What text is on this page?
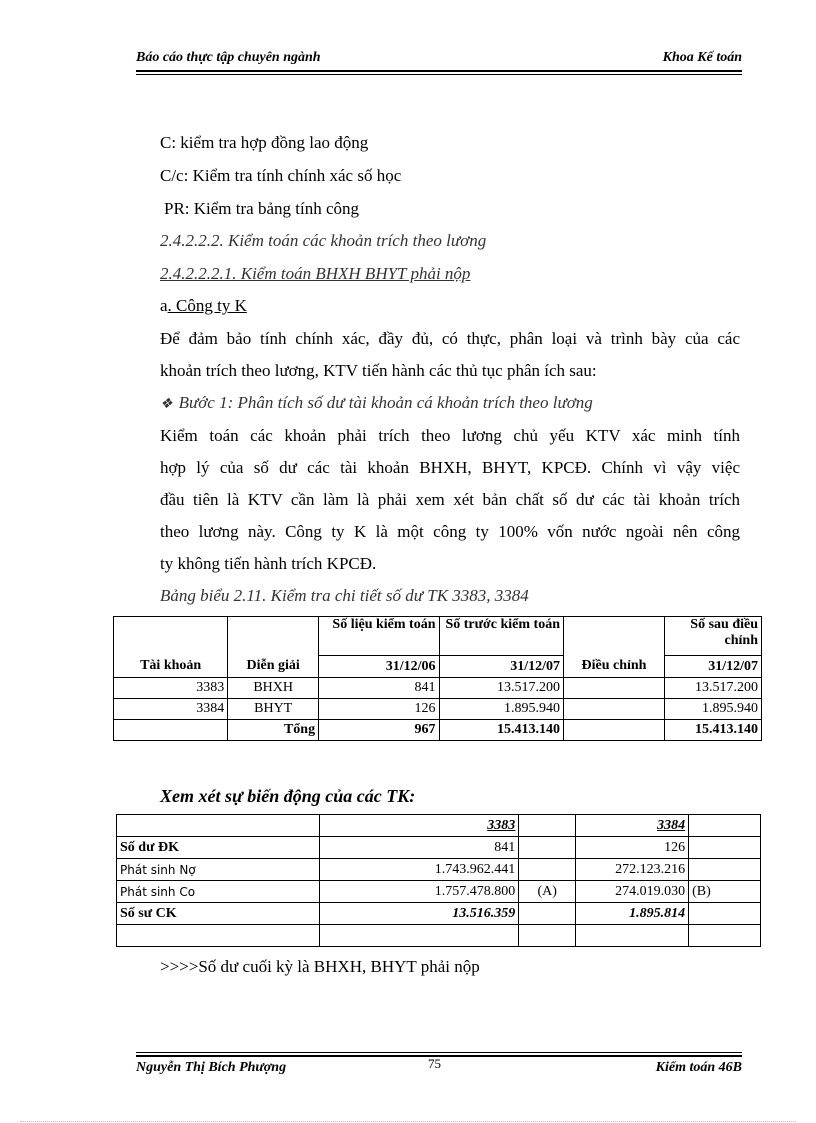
Báo cáo thực tập chuyên ngành	Khoa Kế toán
C: kiểm tra hợp đồng lao động
C/c: Kiểm tra tính chính xác số học
PR: Kiểm tra bảng tính công
2.4.2.2.2. Kiểm toán các khoản trích theo lương
2.4.2.2.2.1. Kiểm toán BHXH BHYT phải nộp
a. Công ty K
Để đảm bảo tính chính xác, đầy đủ, có thực, phân loại và trình bày của các
khoản trích theo lương, KTV tiến hành các thủ tục phân ích sau:
❖ Bước 1: Phân tích số dư tài khoản cá khoản trích theo lương
Kiểm toán các khoản phải trích theo lương chủ yếu KTV xác minh tính
hợp lý của số dư các tài khoản BHXH, BHYT, KPCĐ. Chính vì vậy việc
đầu tiên là KTV cần làm là phải xem xét bản chất số dư các tài khoản trích
theo lương này. Công ty K là một công ty 100% vốn nước ngoài nên công
ty không tiến hành trích KPCĐ.
Bảng biểu 2.11. Kiểm tra chi tiết số dư TK 3383, 3384
		Số liệu kiểm toán	Số trước kiểm toán		Số sau điều chỉnh
Tài khoản	Diễn giải	31/12/06	31/12/07	Điều chỉnh	31/12/07
3383	BHXH	841	13.517.200		13.517.200
3384	BHYT	126	1.895.940		1.895.940
	Tổng	967	15.413.140		15.413.140
Xem xét sự biến động của các TK:
	3383		3384	
Số dư ĐK	841		126	
Phát sinh Nợ	1.743.962.441		272.123.216	
Phát sinh Co	1.757.478.800	(A)	274.019.030	(B)
Số sư CK	13.516.359		1.895.814	

>>>>Số dư cuối kỳ là BHXH, BHYT phải nộp
Nguyễn Thị Bích Phượng	75	Kiểm toán 46B
